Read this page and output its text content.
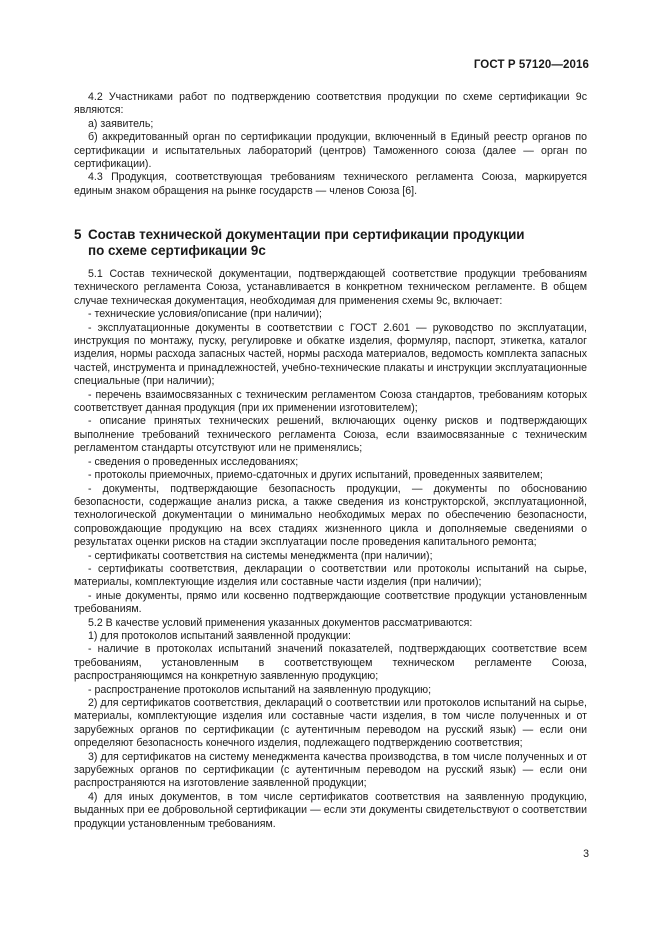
ГОСТ Р 57120—2016

4.2 Участниками работ по подтверждению соответствия продукции по схеме сертификации 9с являются:

а) заявитель;

б) аккредитованный орган по сертификации продукции, включенный в Единый реестр органов по сертификации и испытательных лабораторий (центров) Таможенного союза (далее — орган по сертификации).

4.3 Продукция, соответствующая требованиям технического регламента Союза, маркируется единым знаком обращения на рынке государств — членов Союза [6].

5 Состав технической документации при сертификации продукции
по схеме сертификации 9с

5.1 Состав технической документации, подтверждающей соответствие продукции требованиям технического регламента Союза, устанавливается в конкретном техническом регламенте. В общем случае техническая документация, необходимая для применения схемы 9с, включает:

- технические условия/описание (при наличии);

- эксплуатационные документы в соответствии с ГОСТ 2.601 — руководство по эксплуатации, инструкция по монтажу, пуску, регулировке и обкатке изделия, формуляр, паспорт, этикетка, каталог изделия, нормы расхода запасных частей, нормы расхода материалов, ведомость комплекта запасных частей, инструмента и принадлежностей, учебно-технические плакаты и инструкции эксплуатационные специальные (при наличии);

- перечень взаимосвязанных с техническим регламентом Союза стандартов, требованиям которых соответствует данная продукция (при их применении изготовителем);

- описание принятых технических решений, включающих оценку рисков и подтверждающих выполнение требований технического регламента Союза, если взаимосвязанные с техническим регламентом стандарты отсутствуют или не применялись;

- сведения о проведенных исследованиях;

- протоколы приемочных, приемо-сдаточных и других испытаний, проведенных заявителем;

- документы, подтверждающие безопасность продукции, — документы по обоснованию безопасности, содержащие анализ риска, а также сведения из конструкторской, эксплуатационной, технологической документации о минимально необходимых мерах по обеспечению безопасности, сопровождающие продукцию на всех стадиях жизненного цикла и дополняемые сведениями о результатах оценки рисков на стадии эксплуатации после проведения капитального ремонта;

- сертификаты соответствия на системы менеджмента (при наличии);

- сертификаты соответствия, декларации о соответствии или протоколы испытаний на сырье, материалы, комплектующие изделия или составные части изделия (при наличии);

- иные документы, прямо или косвенно подтверждающие соответствие продукции установленным требованиям.

5.2 В качестве условий применения указанных документов рассматриваются:

1) для протоколов испытаний заявленной продукции:

- наличие в протоколах испытаний значений показателей, подтверждающих соответствие всем требованиям, установленным в соответствующем техническом регламенте Союза, распространяющимся на конкретную заявленную продукцию;

- распространение протоколов испытаний на заявленную продукцию;

2) для сертификатов соответствия, деклараций о соответствии или протоколов испытаний на сырье, материалы, комплектующие изделия или составные части изделия, в том числе полученных и от зарубежных органов по сертификации (с аутентичным переводом на русский язык) — если они определяют безопасность конечного изделия, подлежащего подтверждению соответствия;

3) для сертификатов на систему менеджмента качества производства, в том числе полученных и от зарубежных органов по сертификации (с аутентичным переводом на русский язык) — если они распространяются на изготовление заявленной продукции;

4) для иных документов, в том числе сертификатов соответствия на заявленную продукцию, выданных при ее добровольной сертификации — если эти документы свидетельствуют о соответствии продукции установленным требованиям.

3
